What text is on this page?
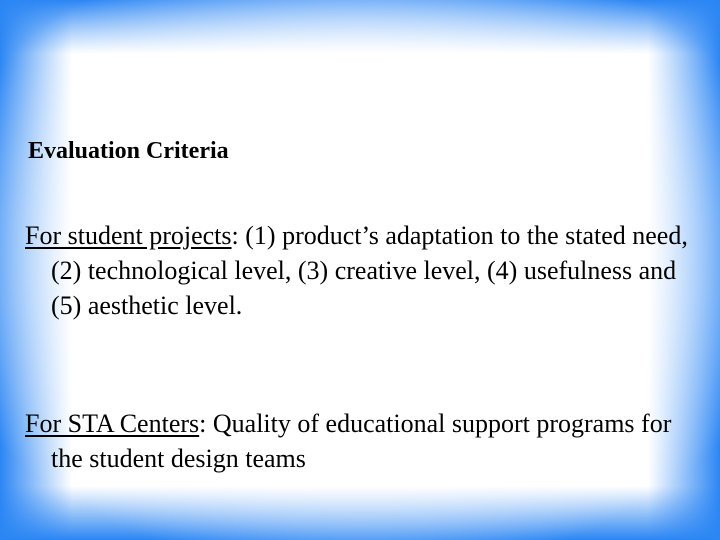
Evaluation Criteria
For student projects: (1) product’s adaptation to the stated need, (2) technological level, (3) creative level, (4) usefulness and (5) aesthetic level.
For STA Centers: Quality of educational support programs for the student design teams
